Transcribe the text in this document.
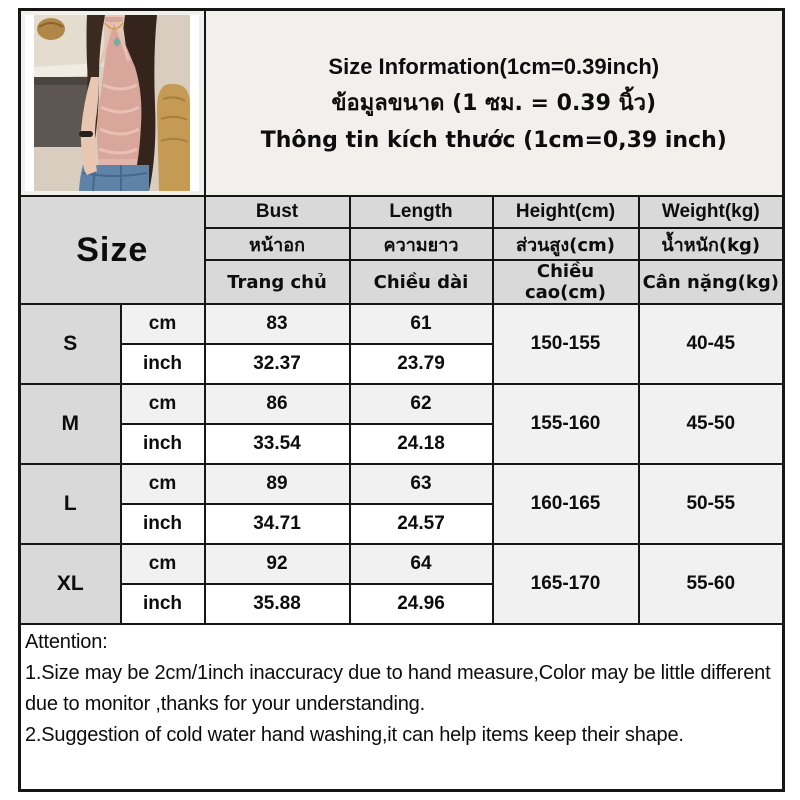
Size Information(1cm=0.39inch)
ข้อมูลขนาด (1 ซม. = 0.39 นิ้ว)
Thông tin kích thước (1cm=0,39 inch)			

Size		Bust	Length	Height(cm)	Weight(kg)
		หน้าอก	ความยาว	ส่วนสูง(cm)	น้ำหนัก(kg)
		Trang chủ	Chiều dài	Chiều cao(cm)	Cân nặng(kg)
S	cm	83	61	150-155	40-45
	inch	32.37	23.79		
M	cm	86	62	155-160	45-50
	inch	33.54	24.18		
L	cm	89	63	160-165	50-55
	inch	34.71	24.57		
XL	cm	92	64	165-170	55-60
	inch	35.88	24.96		

Attention:
1.Size may be 2cm/1inch inaccuracy due to hand measure,Color may be little different due to monitor ,thanks for your understanding.
2.Suggestion of cold water hand washing,it can help items keep their shape.					
